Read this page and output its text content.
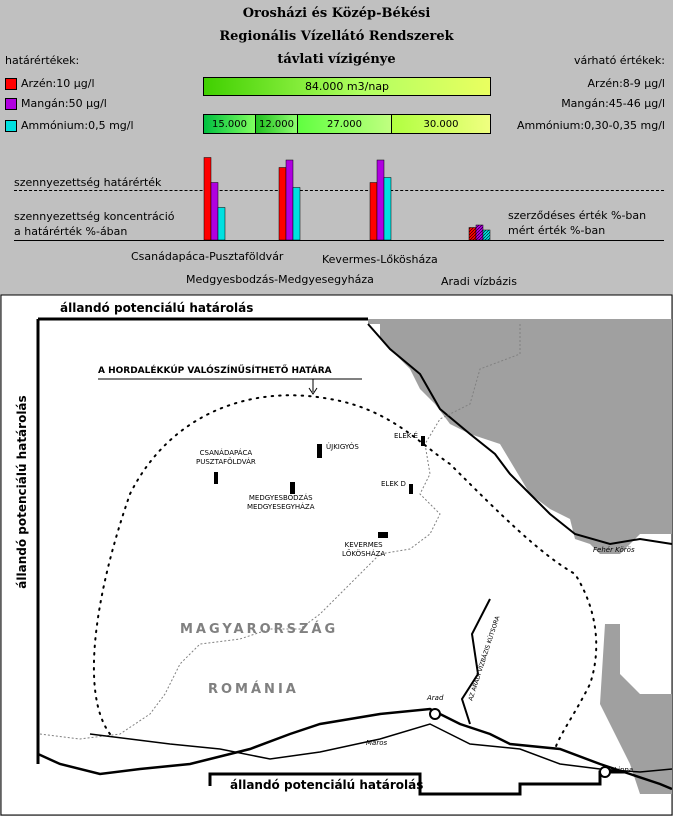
Orosházi és Közép-Békési
Regionális Vízellátó Rendszerek
távlati vízigénye
határértékek:
Arzén:10 µg/l
Mangán:50 µg/l
Ammónium:0,5 mg/l
várható értékek:
Arzén:8-9 µg/l
Mangán:45-46 µg/l
Ammónium:0,30-0,35 mg/l
84.000 m3/nap
15.000 12.000	27.000	30.000
szennyezettség határérték
szennyezettség koncentráció
a határérték %-ában
szerződéses érték %-ban
mért érték %-ban
Csanádapáca-Pusztaföldvár
Medgyesbodzás-Medgyesegyháza
Kevermes-Lőkösháza
Aradi vízbázis
állandó potenciálú határolás
állandó potenciálú határolás
állandó potenciálú határolás
A HORDALÉKKÚP VALÓSZÍNŰSÍTHETŐ HATÁRA
CSANÁDAPÁCA
PUSZTAFÖLDVÁR
ÚJKIGYÓS
MEDGYESBODZÁS
MEDGYESEGYHÁZA
KEVERMES
LŐKÖSHÁZA
ELEK É
ELEK D
MAGYARORSZÁG
ROMÁNIA
Fehér Körös
Maros
Arad
Lippa
AZ ARADI VÍZBÁZIS KÚTSORA
